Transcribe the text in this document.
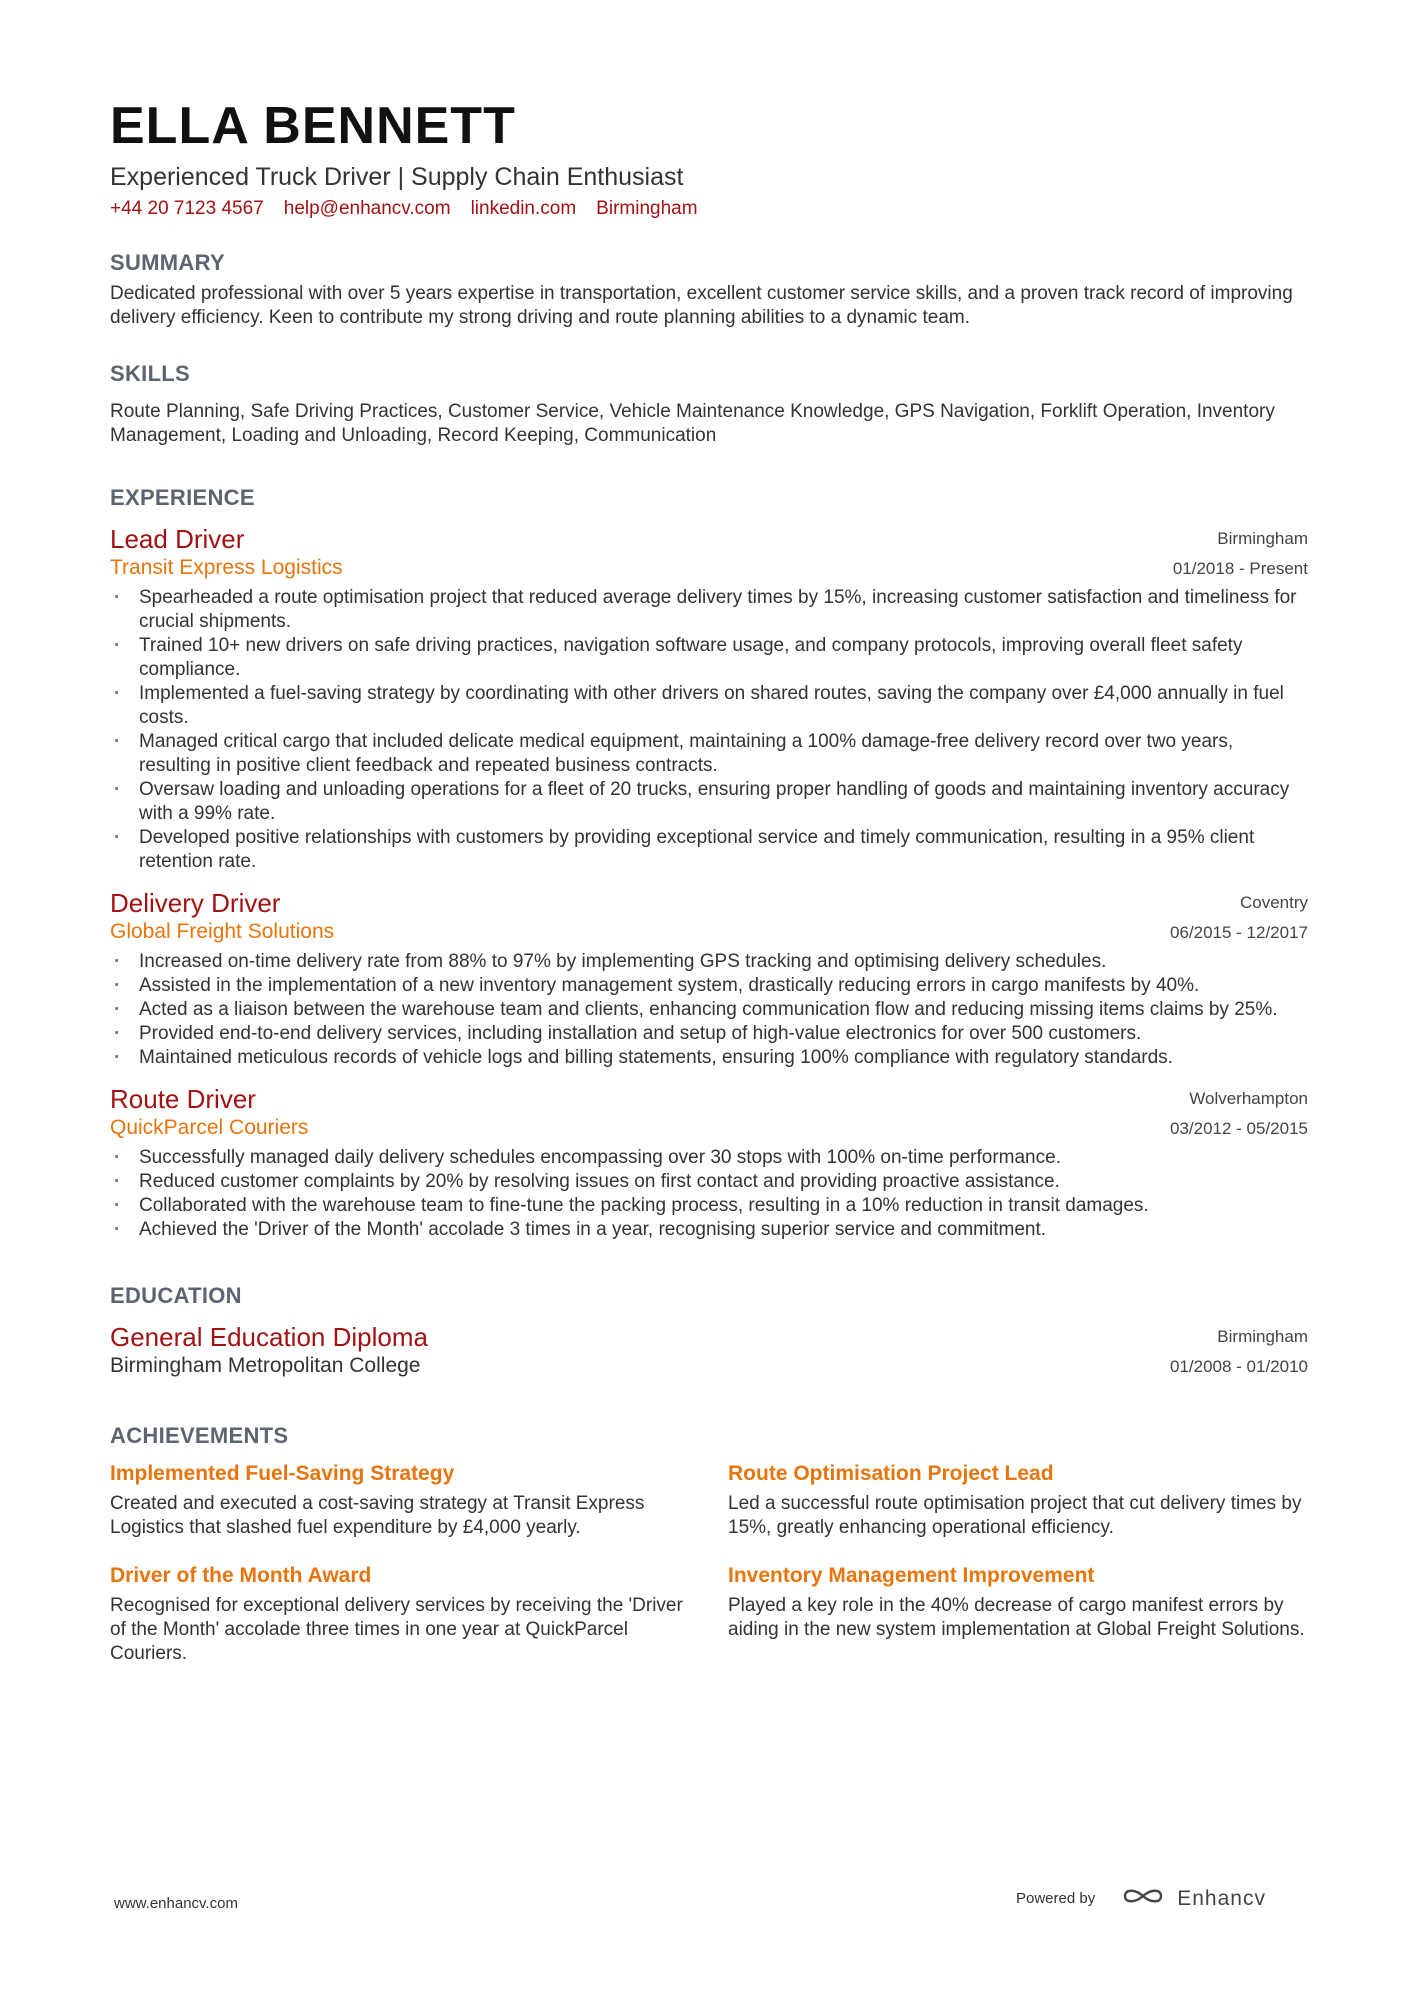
ELLA BENNETT
Experienced Truck Driver | Supply Chain Enthusiast
+44 20 7123 4567 help@enhancv.com linkedin.com Birmingham
SUMMARY
Dedicated professional with over 5 years expertise in transportation, excellent customer service skills, and a proven track record of improving delivery efficiency. Keen to contribute my strong driving and route planning abilities to a dynamic team.
SKILLS
Route Planning, Safe Driving Practices, Customer Service, Vehicle Maintenance Knowledge, GPS Navigation, Forklift Operation, Inventory Management, Loading and Unloading, Record Keeping, Communication
EXPERIENCE
Lead Driver
Transit Express Logistics
Birmingham
01/2018 - Present
· Spearheaded a route optimisation project that reduced average delivery times by 15%, increasing customer satisfaction and timeliness for crucial shipments.
· Trained 10+ new drivers on safe driving practices, navigation software usage, and company protocols, improving overall fleet safety compliance.
· Implemented a fuel-saving strategy by coordinating with other drivers on shared routes, saving the company over £4,000 annually in fuel costs.
· Managed critical cargo that included delicate medical equipment, maintaining a 100% damage-free delivery record over two years, resulting in positive client feedback and repeated business contracts.
· Oversaw loading and unloading operations for a fleet of 20 trucks, ensuring proper handling of goods and maintaining inventory accuracy with a 99% rate.
· Developed positive relationships with customers by providing exceptional service and timely communication, resulting in a 95% client retention rate.
Delivery Driver
Global Freight Solutions
Coventry
06/2015 - 12/2017
· Increased on-time delivery rate from 88% to 97% by implementing GPS tracking and optimising delivery schedules.
· Assisted in the implementation of a new inventory management system, drastically reducing errors in cargo manifests by 40%.
· Acted as a liaison between the warehouse team and clients, enhancing communication flow and reducing missing items claims by 25%.
· Provided end-to-end delivery services, including installation and setup of high-value electronics for over 500 customers.
· Maintained meticulous records of vehicle logs and billing statements, ensuring 100% compliance with regulatory standards.
Route Driver
QuickParcel Couriers
Wolverhampton
03/2012 - 05/2015
· Successfully managed daily delivery schedules encompassing over 30 stops with 100% on-time performance.
· Reduced customer complaints by 20% by resolving issues on first contact and providing proactive assistance.
· Collaborated with the warehouse team to fine-tune the packing process, resulting in a 10% reduction in transit damages.
· Achieved the 'Driver of the Month' accolade 3 times in a year, recognising superior service and commitment.
EDUCATION
General Education Diploma
Birmingham Metropolitan College
Birmingham
01/2008 - 01/2010
ACHIEVEMENTS
Implemented Fuel-Saving Strategy
Created and executed a cost-saving strategy at Transit Express Logistics that slashed fuel expenditure by £4,000 yearly.
Route Optimisation Project Lead
Led a successful route optimisation project that cut delivery times by 15%, greatly enhancing operational efficiency.
Driver of the Month Award
Recognised for exceptional delivery services by receiving the 'Driver of the Month' accolade three times in one year at QuickParcel Couriers.
Inventory Management Improvement
Played a key role in the 40% decrease of cargo manifest errors by aiding in the new system implementation at Global Freight Solutions.
www.enhancv.com	Powered by	Enhancv
